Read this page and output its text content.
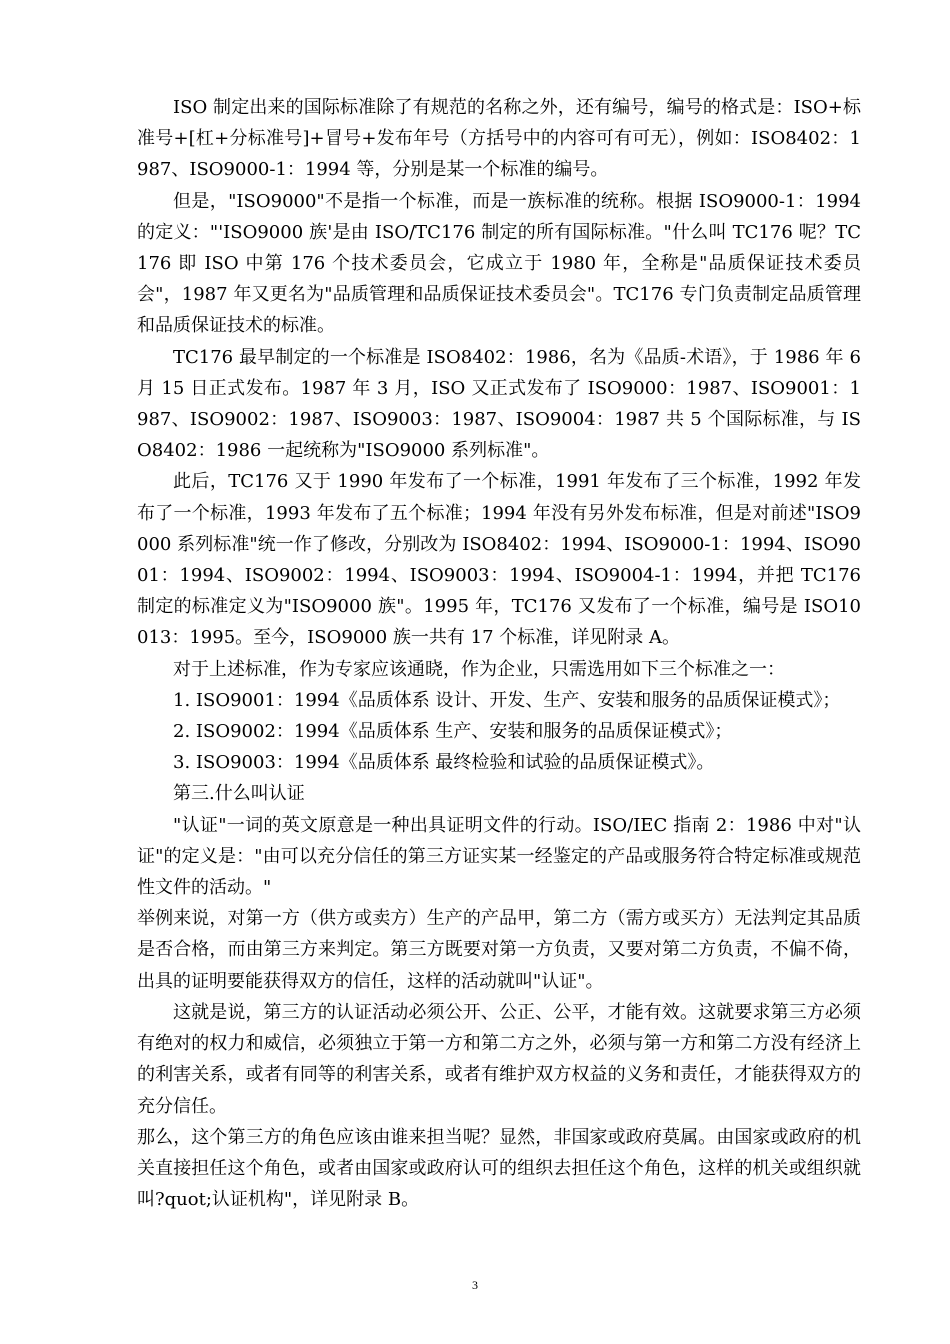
ISO 制定出来的国际标准除了有规范的名称之外，还有编号，编号的格式是：ISO+标准号+[杠+分标准号]+冒号+发布年号（方括号中的内容可有可无），例如：ISO8402：1987、ISO9000-1：1994 等，分别是某一个标准的编号。

但是，"ISO9000"不是指一个标准，而是一族标准的统称。根据 ISO9000-1：1994 的定义："'ISO9000 族'是由 ISO/TC176 制定的所有国际标准。"什么叫 TC176 呢？TC176 即 ISO 中第 176 个技术委员会，它成立于 1980 年，全称是"品质保证技术委员会"，1987 年又更名为"品质管理和品质保证技术委员会"。TC176 专门负责制定品质管理和品质保证技术的标准。

TC176 最早制定的一个标准是 ISO8402：1986，名为《品质-术语》，于 1986 年 6 月 15 日正式发布。1987 年 3 月，ISO 又正式发布了 ISO9000：1987、ISO9001：1987、ISO9002：1987、ISO9003：1987、ISO9004：1987 共 5 个国际标准，与 ISO8402：1986 一起统称为"ISO9000 系列标准"。

此后，TC176 又于 1990 年发布了一个标准，1991 年发布了三个标准，1992 年发布了一个标准，1993 年发布了五个标准；1994 年没有另外发布标准，但是对前述"ISO9000 系列标准"统一作了修改，分别改为 ISO8402：1994、ISO9000-1：1994、ISO9001：1994、ISO9002：1994、ISO9003：1994、ISO9004-1：1994，并把 TC176 制定的标准定义为"ISO9000 族"。1995 年，TC176 又发布了一个标准，编号是 ISO10013：1995。至今，ISO9000 族一共有 17 个标准，详见附录 A。

对于上述标准，作为专家应该通晓，作为企业，只需选用如下三个标准之一：

1. ISO9001：1994《品质体系 设计、开发、生产、安装和服务的品质保证模式》；

2. ISO9002：1994《品质体系 生产、安装和服务的品质保证模式》；

3. ISO9003：1994《品质体系 最终检验和试验的品质保证模式》。

第三.什么叫认证

"认证"一词的英文原意是一种出具证明文件的行动。ISO/IEC 指南 2：1986 中对"认证"的定义是："由可以充分信任的第三方证实某一经鉴定的产品或服务符合特定标准或规范性文件的活动。"

举例来说，对第一方（供方或卖方）生产的产品甲，第二方（需方或买方）无法判定其品质是否合格，而由第三方来判定。第三方既要对第一方负责，又要对第二方负责，不偏不倚，出具的证明要能获得双方的信任，这样的活动就叫"认证"。

这就是说，第三方的认证活动必须公开、公正、公平，才能有效。这就要求第三方必须有绝对的权力和威信，必须独立于第一方和第二方之外，必须与第一方和第二方没有经济上的利害关系，或者有同等的利害关系，或者有维护双方权益的义务和责任，才能获得双方的充分信任。

那么，这个第三方的角色应该由谁来担当呢？显然，非国家或政府莫属。由国家或政府的机关直接担任这个角色，或者由国家或政府认可的组织去担任这个角色，这样的机关或组织就叫?quot;认证机构"，详见附录 B。

3
